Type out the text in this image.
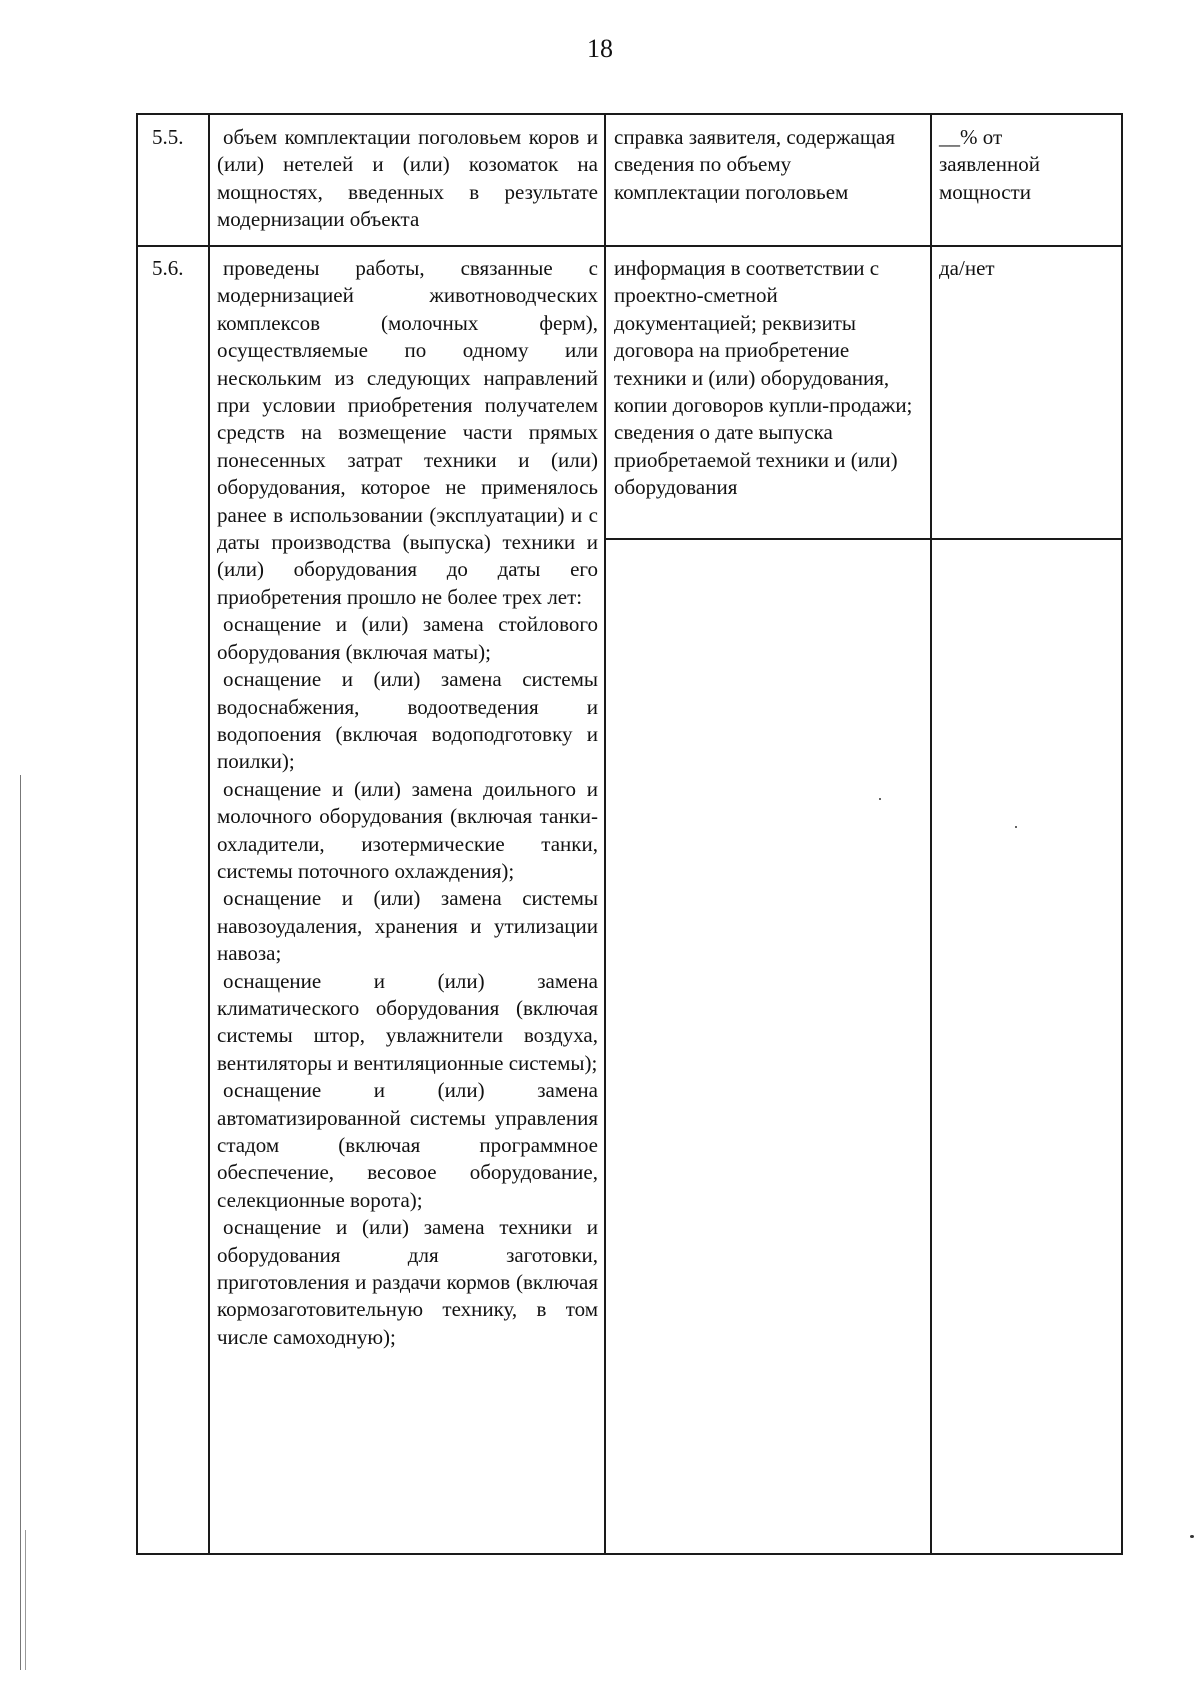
18
5.5. объем комплектации поголовьем коров и (или) нетелей и (или) козоматок на мощностях, введенных в результате модернизации объекта
справка заявителя, содержащая сведения по объему комплектации поголовьем
__% от заявленной мощности
5.6. проведены работы, связанные с модернизацией животноводческих комплексов (молочных ферм), осуществляемые по одному или нескольким из следующих направлений при условии приобретения получателем средств на возмещение части прямых понесенных затрат техники и (или) оборудования, которое не применялось ранее в использовании (эксплуатации) и с даты производства (выпуска) техники и (или) оборудования до даты его приобретения прошло не более трех лет:
оснащение и (или) замена стойлового оборудования (включая маты);
оснащение и (или) замена системы водоснабжения, водоотведения и водопоения (включая водоподготовку и поилки);
оснащение и (или) замена доильного и молочного оборудования (включая танки-охладители, изотермические танки, системы поточного охлаждения);
оснащение и (или) замена системы навозоудаления, хранения и утилизации навоза;
оснащение и (или) замена климатического оборудования (включая системы штор, увлажнители воздуха, вентиляторы и вентиляционные системы);
оснащение и (или) замена автоматизированной системы управления стадом (включая программное обеспечение, весовое оборудование, селекционные ворота);
оснащение и (или) замена техники и оборудования для заготовки, приготовления и раздачи кормов (включая кормозаготовительную технику, в том числе самоходную);
информация в соответствии с проектно-сметной документацией; реквизиты договора на приобретение техники и (или) оборудования, копии договоров купли-продажи; сведения о дате выпуска приобретаемой техники и (или) оборудования
да/нет
